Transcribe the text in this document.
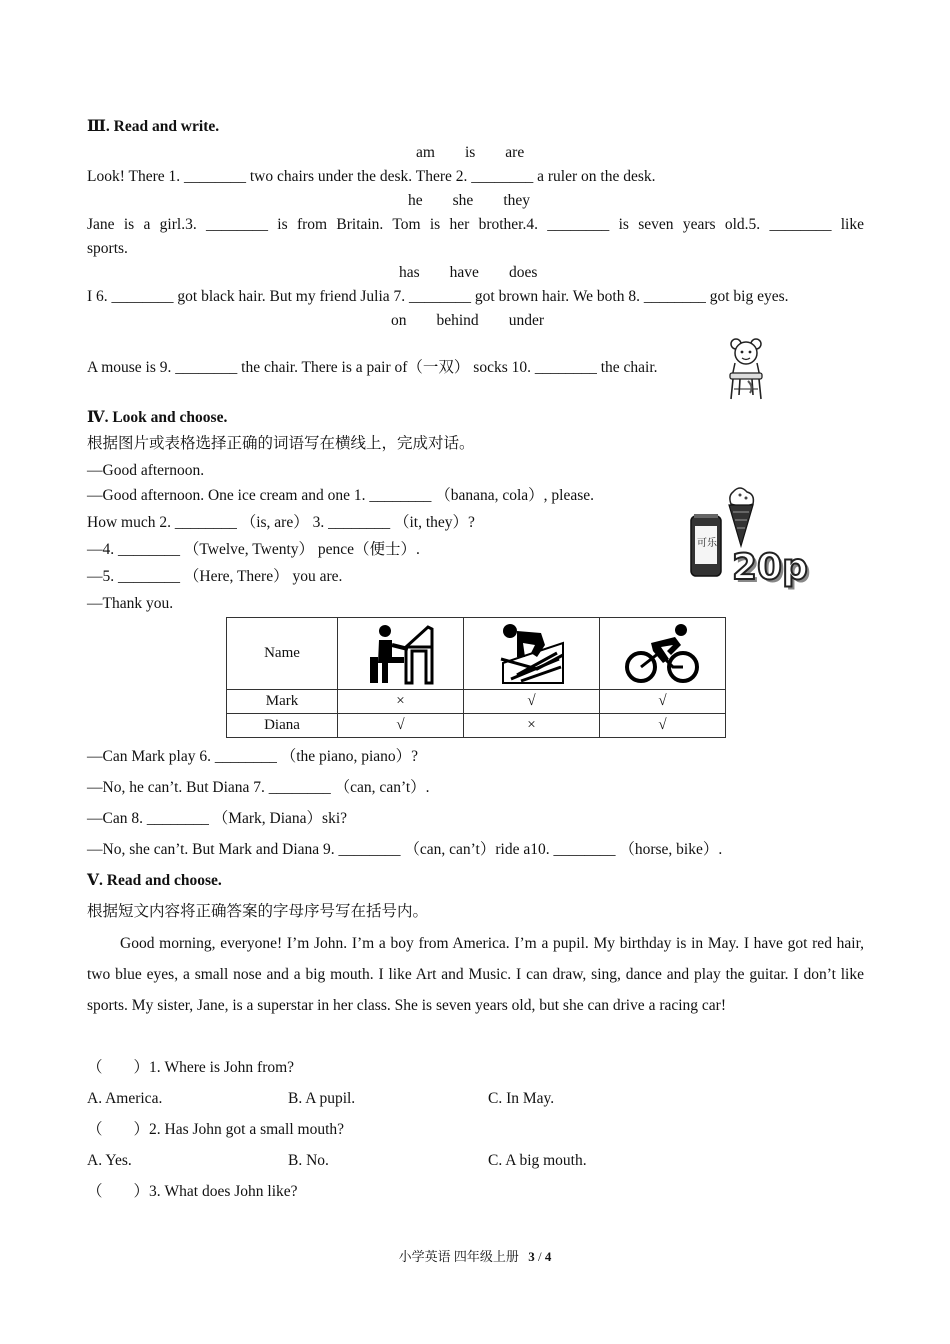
Ⅲ. Read and write.
am is are
Look! There 1. ________ two chairs under the desk. There 2. ________ a ruler on the desk.
he she they
Jane is a girl.3. ________ is from Britain. Tom is her brother.4. ________ is seven years old.5. ________ like
sports.
has have does
I 6. ________ got black hair. But my friend Julia 7. ________ got brown hair. We both 8. ________ got big eyes.
on behind under
A mouse is 9. ________ the chair. There is a pair of（一双） socks 10. ________ the chair.
Ⅳ. Look and choose.
根据图片或表格选择正确的词语写在横线上，完成对话。
—Good afternoon.
—Good afternoon. One ice cream and one 1. ________ （banana, cola）, please.
How much 2. ________ （is, are） 3. ________ （it, they）?
—4. ________ （Twelve, Twenty） pence（便士）.
—5. ________ （Here, There） you are.
—Thank you.
可乐
20p
Name	

Mark	×	√	√
Diana	√	×	√
—Can Mark play 6. ________ （the piano, piano）?
—No, he can’t. But Diana 7. ________ （can, can’t）.
—Can 8. ________ （Mark, Diana）ski?
—No, she can’t. But Mark and Diana 9. ________ （can, can’t）ride a10. ________ （horse, bike）.
Ⅴ. Read and choose.
根据短文内容将正确答案的字母序号写在括号内。
Good morning, everyone! I’m John. I’m a boy from America. I’m a pupil. My birthday is in May. I have got red hair, two blue eyes, a small nose and a big mouth. I like Art and Music. I can draw, sing, dance and play the guitar. I don’t like sports. My sister, Jane, is a superstar in her class. She is seven years old, but she can drive a racing car!
（　　）1. Where is John from?
A. America.	B. A pupil.	C. In May.
（　　）2. Has John got a small mouth?
A. Yes.	B. No.	C. A big mouth.
（　　）3. What does John like?
小学英语 四年级上册 3 / 4
